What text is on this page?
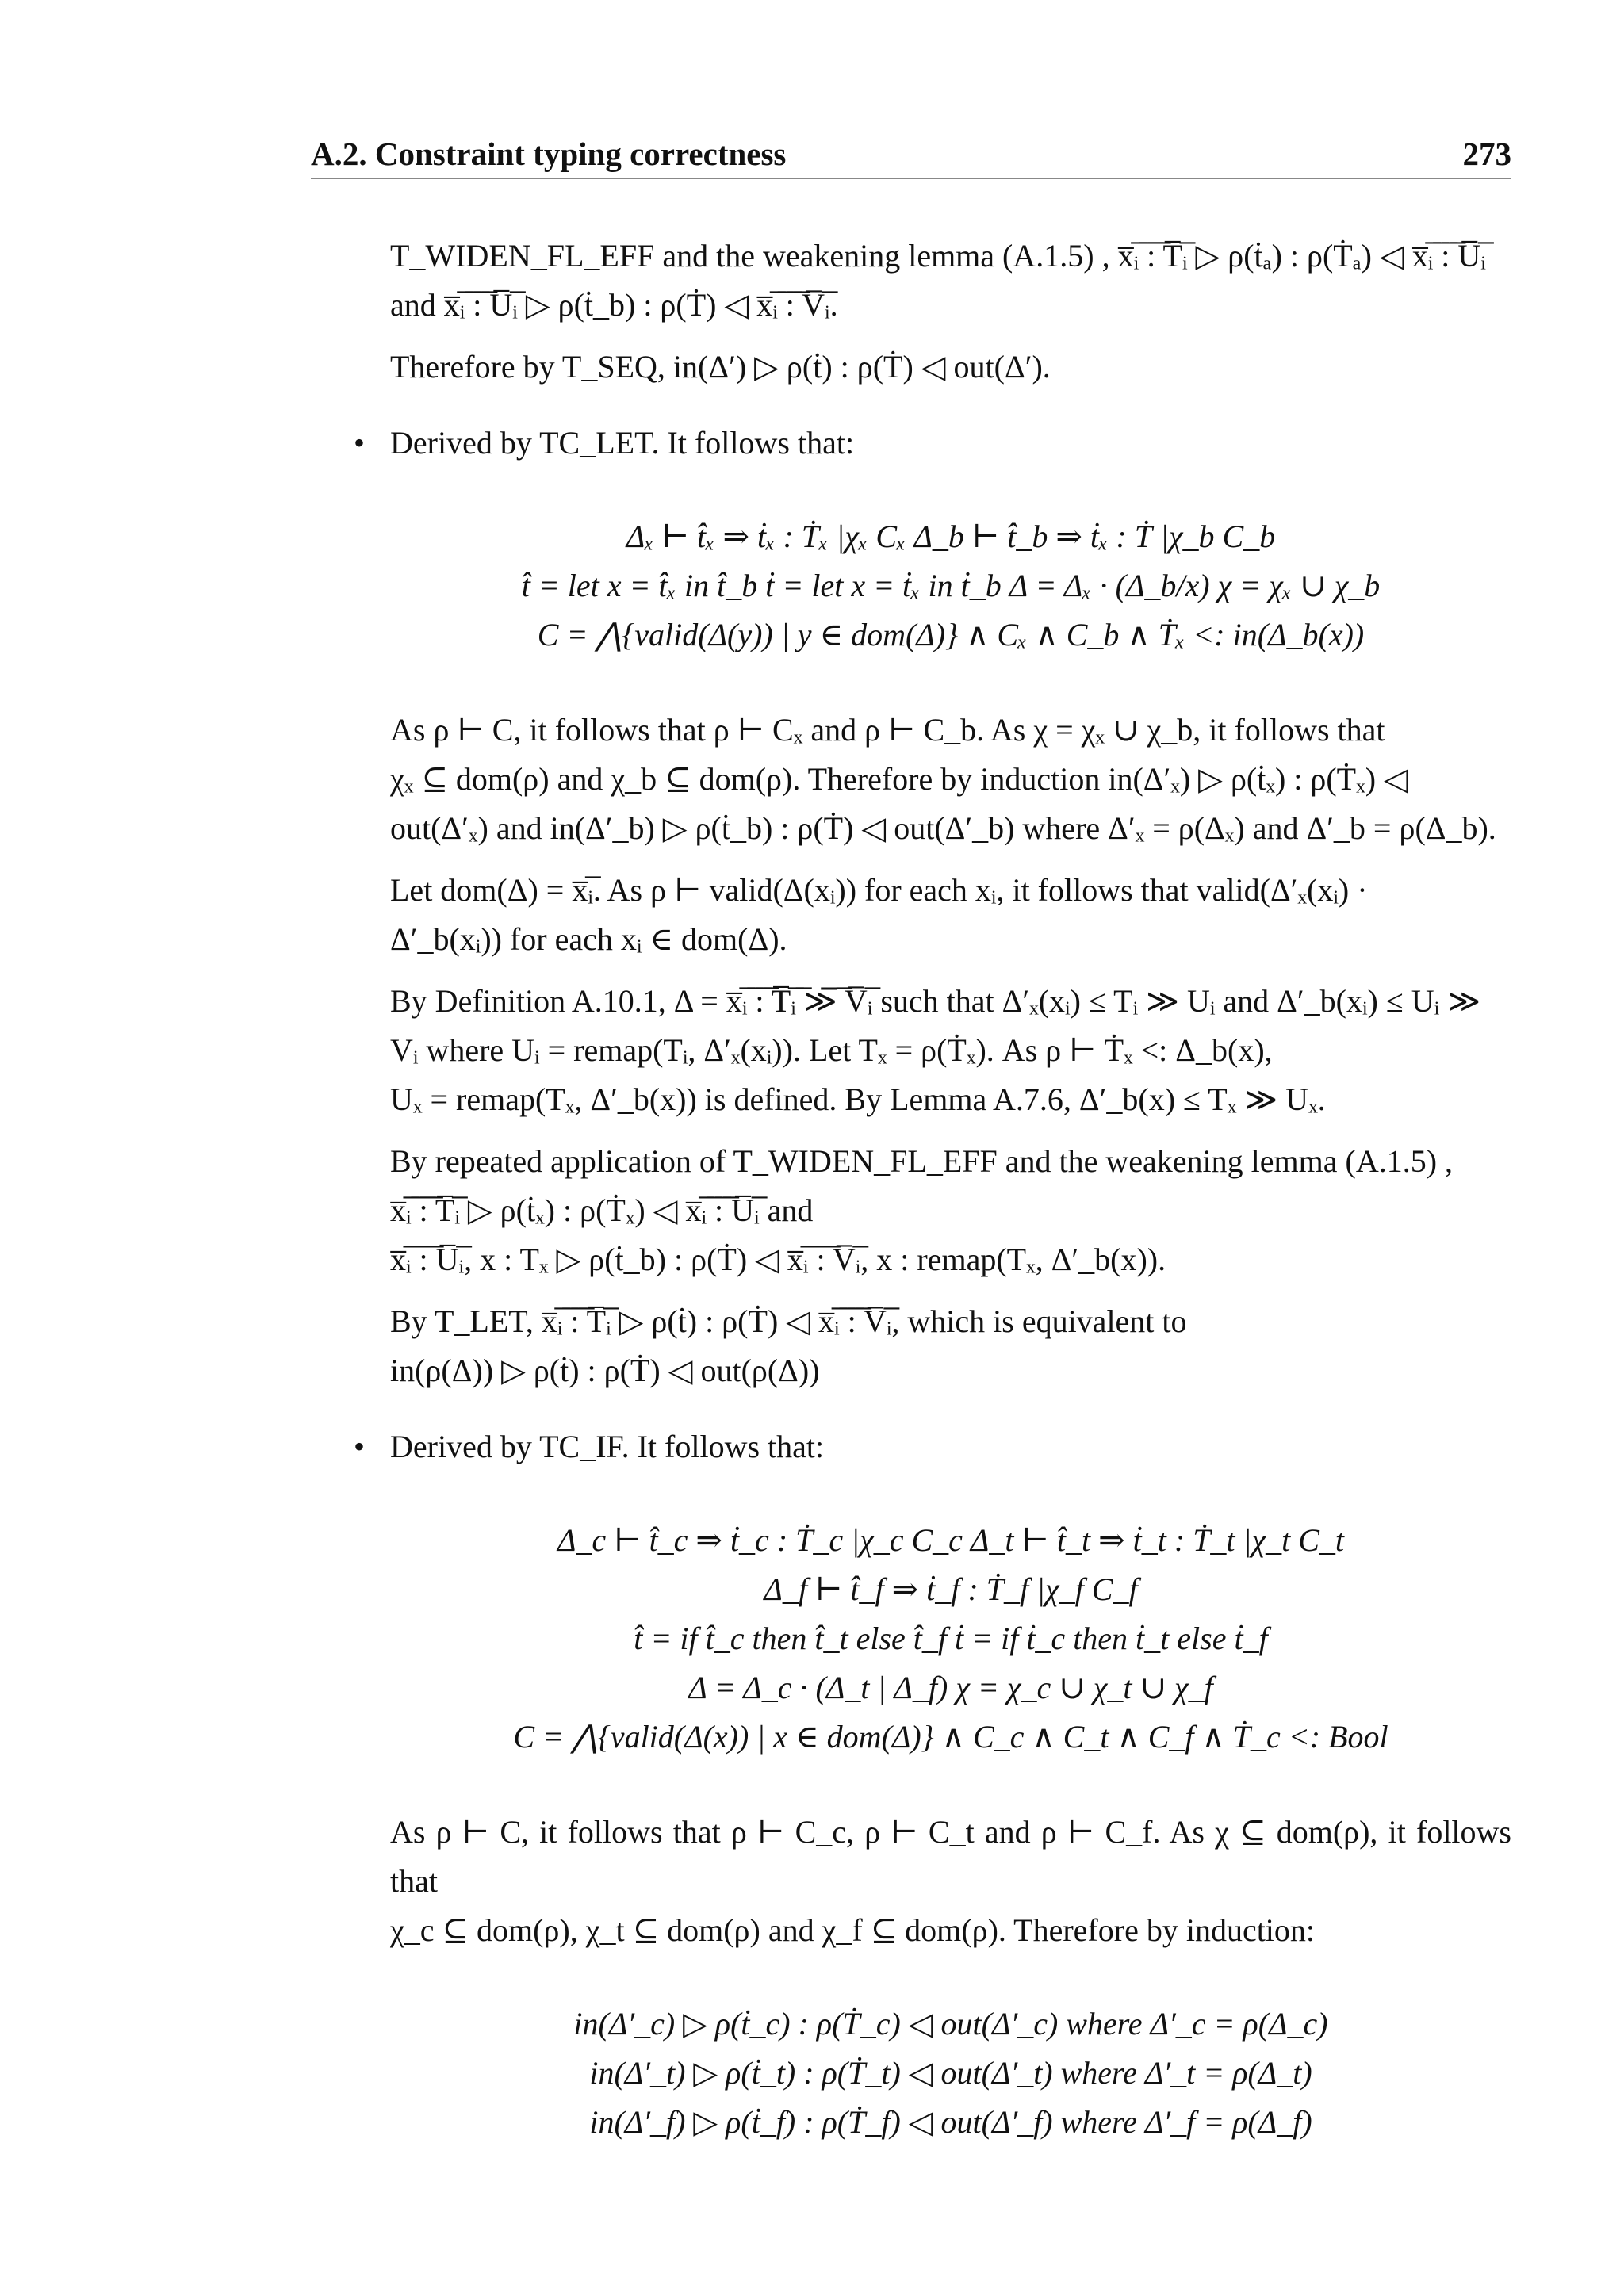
A.2. Constraint typing correctness	273
T_WIDEN_FL_EFF and the weakening lemma (A.1.5) , x̅ᵢ̅ ̅:̅ ̅T̅ᵢ̅ ▷ ρ(ṫₐ) : ρ(Ṫₐ) ◁ x̅ᵢ̅ ̅:̅ ̅U̅ᵢ̅
and x̅ᵢ̅ ̅:̅ ̅U̅ᵢ̅ ▷ ρ(ṫ_b) : ρ(Ṫ) ◁ x̅ᵢ̅ ̅:̅ ̅V̅ᵢ̅.
Therefore by T_SEQ, in(Δ′) ▷ ρ(ṫ) : ρ(Ṫ) ◁ out(Δ′).
• Derived by TC_LET. It follows that:
Δₓ ⊢ t̂ₓ ⇒ ṫₓ : Ṫₓ |χₓ Cₓ Δ_b ⊢ t̂_b ⇒ ṫₓ : Ṫ |χ_b C_b
t̂ = let x = t̂ₓ in t̂_b ṫ = let x = ṫₓ in ṫ_b Δ = Δₓ · (Δ_b/x) χ = χₓ ∪ χ_b
C = ⋀{valid(Δ(y)) | y ∈ dom(Δ)} ∧ Cₓ ∧ C_b ∧ Ṫₓ <: in(Δ_b(x))
As ρ ⊢ C, it follows that ρ ⊢ Cₓ and ρ ⊢ C_b. As χ = χₓ ∪ χ_b, it follows that
χₓ ⊆ dom(ρ) and χ_b ⊆ dom(ρ). Therefore by induction in(Δ′ₓ) ▷ ρ(ṫₓ) : ρ(Ṫₓ) ◁
out(Δ′ₓ) and in(Δ′_b) ▷ ρ(ṫ_b) : ρ(Ṫ) ◁ out(Δ′_b) where Δ′ₓ = ρ(Δₓ) and Δ′_b = ρ(Δ_b).
Let dom(Δ) = x̅ᵢ̅. As ρ ⊢ valid(Δ(xᵢ)) for each xᵢ, it follows that valid(Δ′ₓ(xᵢ) ·
Δ′_b(xᵢ)) for each xᵢ ∈ dom(Δ).
By Definition A.10.1, Δ = x̅ᵢ̅ ̅:̅ ̅T̅ᵢ̅ ̅≫̅ ̅V̅ᵢ̅ such that Δ′ₓ(xᵢ) ≤ Tᵢ ≫ Uᵢ and Δ′_b(xᵢ) ≤ Uᵢ ≫
Vᵢ where Uᵢ = remap(Tᵢ, Δ′ₓ(xᵢ)). Let Tₓ = ρ(Ṫₓ). As ρ ⊢ Ṫₓ <: Δ_b(x),
Uₓ = remap(Tₓ, Δ′_b(x)) is defined. By Lemma A.7.6, Δ′_b(x) ≤ Tₓ ≫ Uₓ.
By repeated application of T_WIDEN_FL_EFF and the weakening lemma (A.1.5) ,
x̅ᵢ̅ ̅:̅ ̅T̅ᵢ̅ ▷ ρ(ṫₓ) : ρ(Ṫₓ) ◁ x̅ᵢ̅ ̅:̅ ̅U̅ᵢ̅ and
x̅ᵢ̅ ̅:̅ ̅U̅ᵢ̅, x : Tₓ ▷ ρ(ṫ_b) : ρ(Ṫ) ◁ x̅ᵢ̅ ̅:̅ ̅V̅ᵢ̅, x : remap(Tₓ, Δ′_b(x)).
By T_LET, x̅ᵢ̅ ̅:̅ ̅T̅ᵢ̅ ▷ ρ(ṫ) : ρ(Ṫ) ◁ x̅ᵢ̅ ̅:̅ ̅V̅ᵢ̅, which is equivalent to
in(ρ(Δ)) ▷ ρ(ṫ) : ρ(Ṫ) ◁ out(ρ(Δ))
• Derived by TC_IF. It follows that:
Δ_c ⊢ t̂_c ⇒ ṫ_c : Ṫ_c |χ_c C_c Δ_t ⊢ t̂_t ⇒ ṫ_t : Ṫ_t |χ_t C_t
Δ_f ⊢ t̂_f ⇒ ṫ_f : Ṫ_f |χ_f C_f
t̂ = if t̂_c then t̂_t else t̂_f ṫ = if ṫ_c then ṫ_t else ṫ_f
Δ = Δ_c · (Δ_t | Δ_f) χ = χ_c ∪ χ_t ∪ χ_f
C = ⋀{valid(Δ(x)) | x ∈ dom(Δ)} ∧ C_c ∧ C_t ∧ C_f ∧ Ṫ_c <: Bool
As ρ ⊢ C, it follows that ρ ⊢ C_c, ρ ⊢ C_t and ρ ⊢ C_f. As χ ⊆ dom(ρ), it follows that
χ_c ⊆ dom(ρ), χ_t ⊆ dom(ρ) and χ_f ⊆ dom(ρ). Therefore by induction:
in(Δ′_c) ▷ ρ(ṫ_c) : ρ(Ṫ_c) ◁ out(Δ′_c) where Δ′_c = ρ(Δ_c)
in(Δ′_t) ▷ ρ(ṫ_t) : ρ(Ṫ_t) ◁ out(Δ′_t) where Δ′_t = ρ(Δ_t)
in(Δ′_f) ▷ ρ(ṫ_f) : ρ(Ṫ_f) ◁ out(Δ′_f) where Δ′_f = ρ(Δ_f)
